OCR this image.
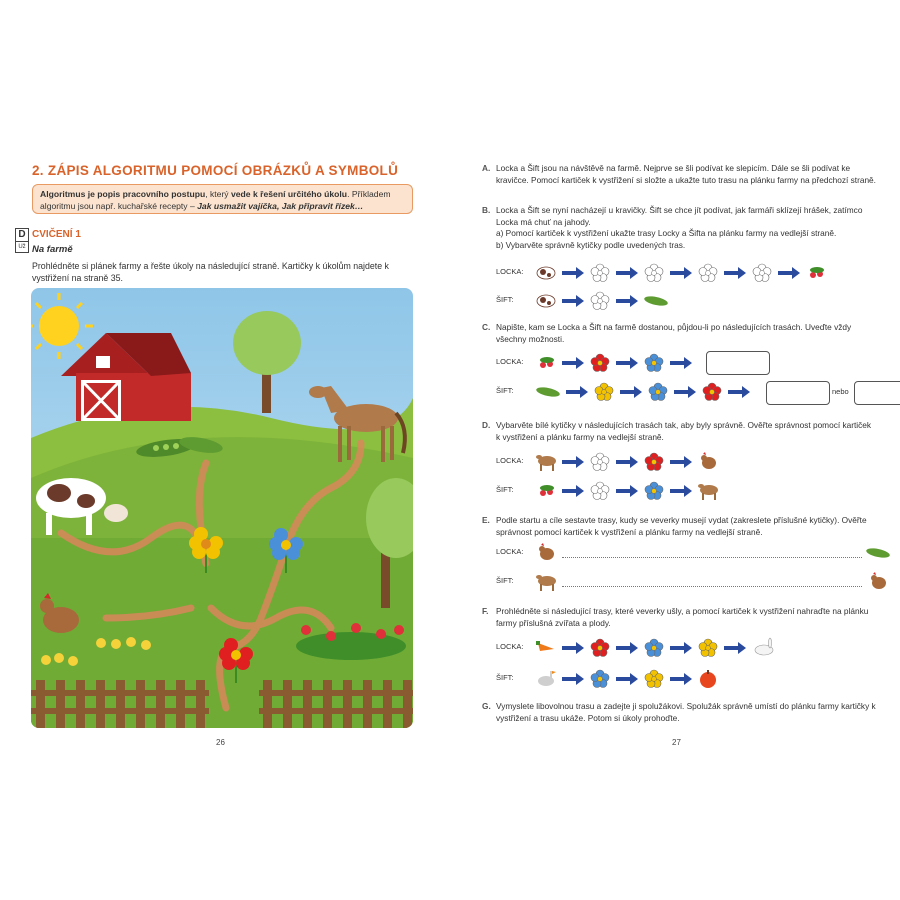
2. ZÁPIS ALGORITMU POMOCÍ OBRÁZKŮ A SYMBOLŮ
Algoritmus je popis pracovního postupu, který vede k řešení určitého úkolu. Příkladem algoritmu jsou např. kuchařské recepty – Jak usmažit vajíčka, Jak připravit řízek…
D
Už
CVIČENÍ 1
Na farmě
Prohlédněte si plánek farmy a řešte úkoly na následující straně. Kartičky k úkolům najdete k vystřižení na straně 35.
26
A. Locka a Šift jsou na návštěvě na farmě. Nejprve se šli podívat ke slepicím. Dále se šli podívat ke kravičce. Pomocí kartiček k vystřižení si složte a ukažte tuto trasu na plánku farmy na předchozí straně.
B. Locka a Šift se nyní nacházejí u kravičky. Šift se chce jít podívat, jak farmáři sklízejí hrášek, zatímco Locka má chuť na jahody.
a) Pomocí kartiček k vystřižení ukažte trasy Locky a Šifta na plánku farmy na vedlejší straně.
b) Vybarvěte správně kytičky podle uvedených tras.
LOCKA:
ŠIFT:
C. Napište, kam se Locka a Šift na farmě dostanou, půjdou-li po následujících trasách. Uveďte vždy všechny možnosti.
LOCKA:
ŠIFT:	nebo
D. Vybarvěte bílé kytičky v následujících trasách tak, aby byly správně. Ověřte správnost pomocí kartiček k vystřižení a plánku farmy na vedlejší straně.
LOCKA:
ŠIFT:
E. Podle startu a cíle sestavte trasy, kudy se veverky musejí vydat (zakreslete příslušné kytičky). Ověřte správnost pomocí kartiček k vystřižení a plánku farmy na vedlejší straně.
LOCKA:
ŠIFT:
F. Prohlédněte si následující trasy, které veverky ušly, a pomocí kartiček k vystřižení nahraďte na plánku farmy příslušná zvířata a plody.
LOCKA:
ŠIFT:
G. Vymyslete libovolnou trasu a zadejte ji spolužákovi. Spolužák správně umístí do plánku farmy kartičky k vystřižení a trasu ukáže. Potom si úkoly prohoďte.
27
